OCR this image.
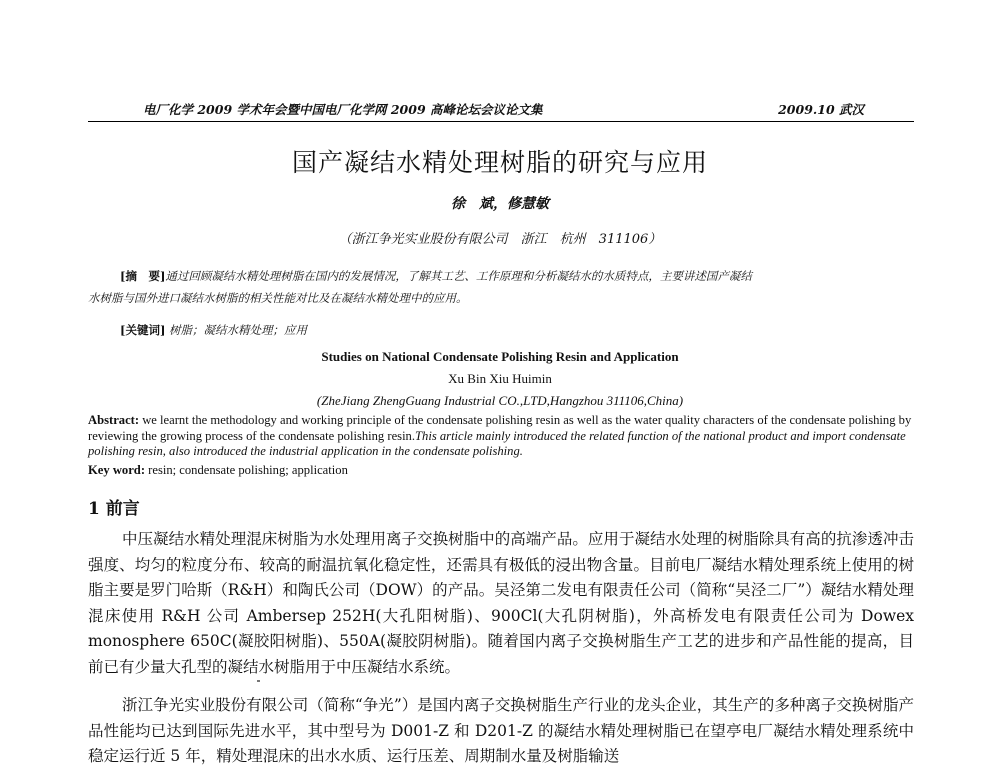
电厂化学 2009 学术年会暨中国电厂化学网 2009 高峰论坛会议论文集	2009.10 武汉
国产凝结水精处理树脂的研究与应用
徐　斌，修慧敏
（浙江争光实业股份有限公司　浙江　杭州　311106）
[摘　要]通过回顾凝结水精处理树脂在国内的发展情况，了解其工艺、工作原理和分析凝结水的水质特点，主要讲述国产凝结
水树脂与国外进口凝结水树脂的相关性能对比及在凝结水精处理中的应用。
[关键词] 树脂；凝结水精处理；应用
Studies on National Condensate Polishing Resin and Application
Xu Bin Xiu Huimin
(ZheJiang ZhengGuang Industrial CO.,LTD,Hangzhou 311106,China)
Abstract: we learnt the methodology and working principle of the condensate polishing resin as well as the water quality characters of the condensate polishing by reviewing the growing process of the condensate polishing resin.This article mainly introduced the related function of the national product and import condensate polishing resin, also introduced the industrial application in the condensate polishing.
Key word: resin; condensate polishing; application
1 前言
中压凝结水精处理混床树脂为水处理用离子交换树脂中的高端产品。应用于凝结水处理的树脂除具有高的抗渗透冲击强度、均匀的粒度分布、较高的耐温抗氧化稳定性，还需具有极低的浸出物含量。目前电厂凝结水精处理系统上使用的树脂主要是罗门哈斯（R&H）和陶氏公司（DOW）的产品。吴泾第二发电有限责任公司（简称“吴泾二厂”）凝结水精处理混床使用 R&H 公司 Ambersep 252H(大孔阳树脂)、900Cl(大孔阴树脂)，外高桥发电有限责任公司为 Dowex monosphere 650C(凝胶阳树脂)、550A(凝胶阴树脂)。随着国内离子交换树脂生产工艺的进步和产品性能的提高，目前已有少量大孔型的凝结水树脂用于中压凝结水系统。
浙江争光实业股份有限公司（简称“争光”）是国内离子交换树脂生产行业的龙头企业，其生产的多种离子交换树脂产品性能均已达到国际先进水平，其中型号为 D001-Z 和 D201-Z 的凝结水精处理树脂已在望亭电厂凝结水精处理系统中稳定运行近 5 年，精处理混床的出水水质、运行压差、周期制水量及树脂输送
